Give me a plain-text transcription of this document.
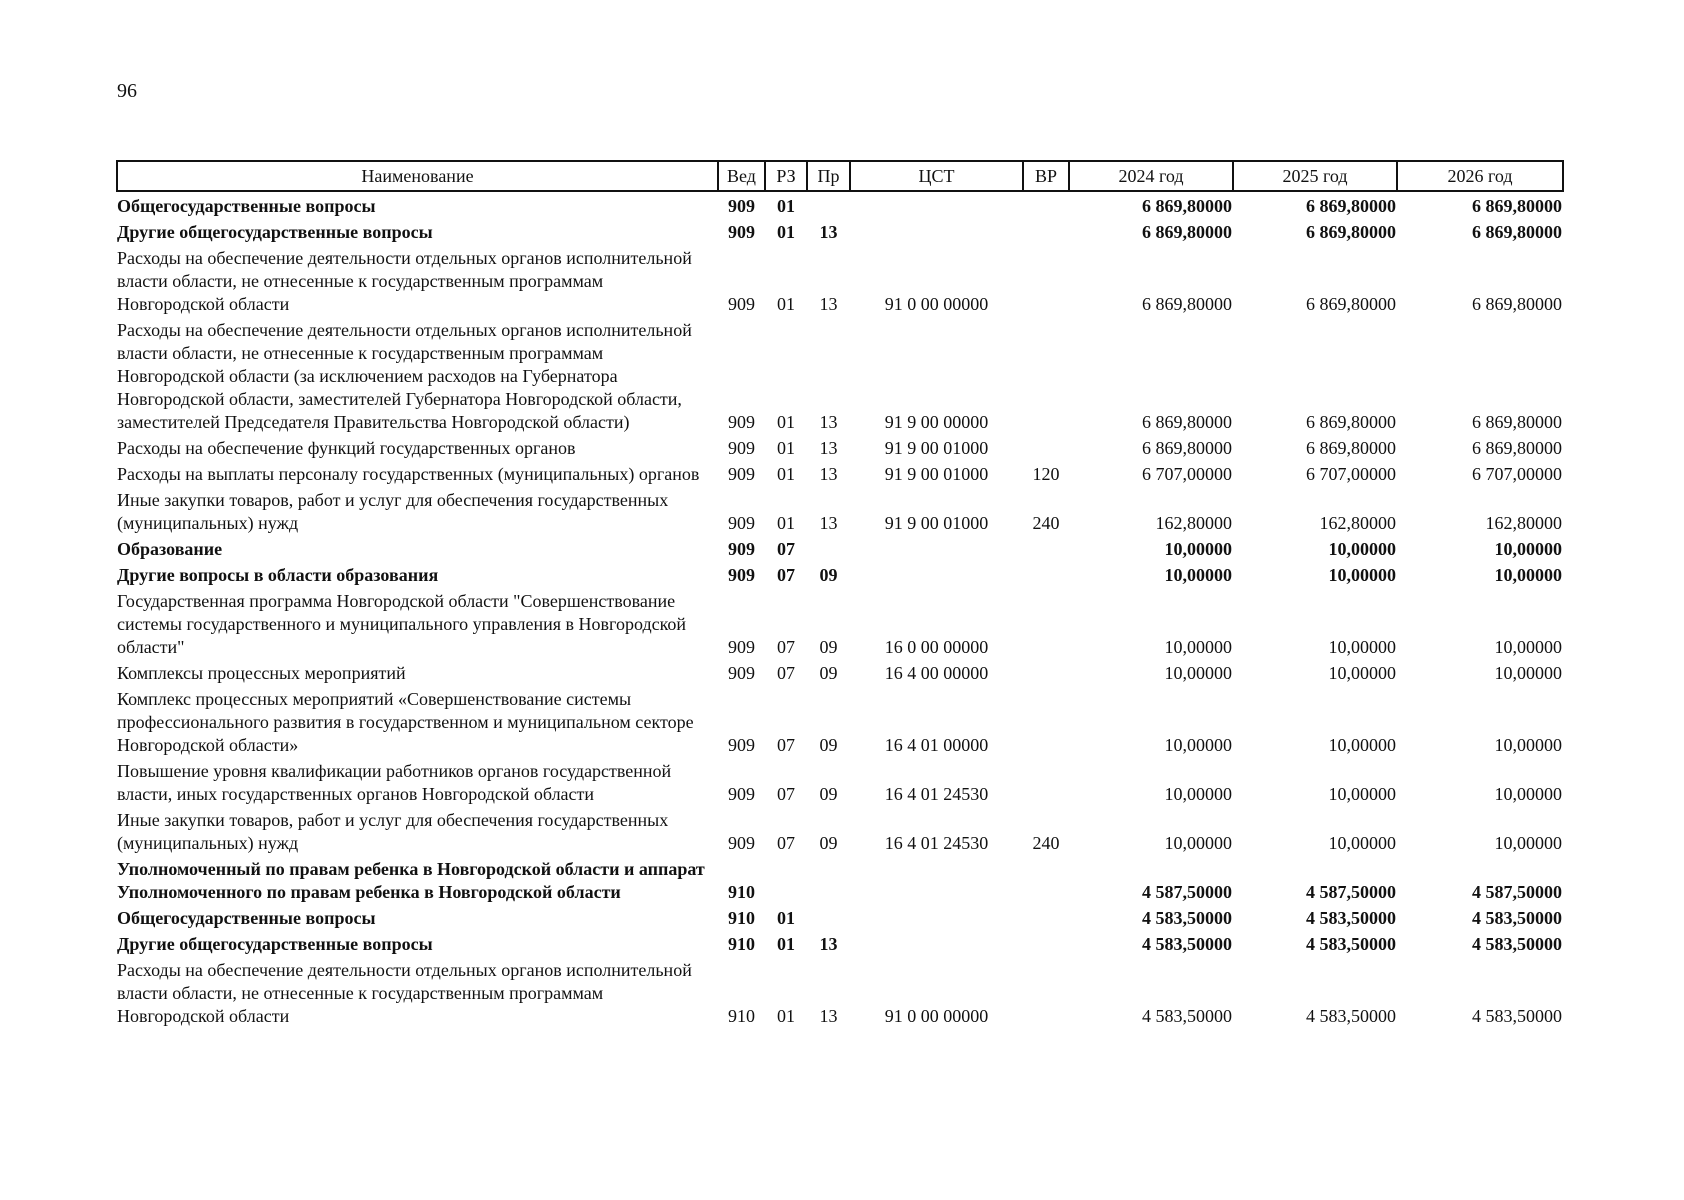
96
Наименование	Вед	РЗ	Пр	ЦСТ	ВР	2024 год	2025 год	2026 год
Общегосударственные вопросы	909	01				6 869,80000	6 869,80000	6 869,80000
Другие общегосударственные вопросы	909	01	13			6 869,80000	6 869,80000	6 869,80000
Расходы на обеспечение деятельности отдельных органов исполнительной власти области, не отнесенные к государственным программам Новгородской области	909	01	13	91 0 00 00000		6 869,80000	6 869,80000	6 869,80000
Расходы на обеспечение деятельности отдельных органов исполнительной власти области, не отнесенные к государственным программам Новгородской области (за исключением расходов на Губернатора Новгородской области, заместителей Губернатора Новгородской области, заместителей Председателя Правительства Новгородской области)	909	01	13	91 9 00 00000		6 869,80000	6 869,80000	6 869,80000
Расходы на обеспечение функций государственных органов	909	01	13	91 9 00 01000		6 869,80000	6 869,80000	6 869,80000
Расходы на выплаты персоналу государственных (муниципальных) органов	909	01	13	91 9 00 01000	120	6 707,00000	6 707,00000	6 707,00000
Иные закупки товаров, работ и услуг для обеспечения государственных (муниципальных) нужд	909	01	13	91 9 00 01000	240	162,80000	162,80000	162,80000
Образование	909	07				10,00000	10,00000	10,00000
Другие вопросы в области образования	909	07	09			10,00000	10,00000	10,00000
Государственная программа Новгородской области "Совершенствование системы государственного и муниципального управления в Новгородской области"	909	07	09	16 0 00 00000		10,00000	10,00000	10,00000
Комплексы процессных мероприятий	909	07	09	16 4 00 00000		10,00000	10,00000	10,00000
Комплекс процессных мероприятий «Совершенствование системы профессионального развития в государственном и муниципальном секторе Новгородской области»	909	07	09	16 4 01 00000		10,00000	10,00000	10,00000
Повышение уровня квалификации работников органов государственной власти, иных государственных органов Новгородской области	909	07	09	16 4 01 24530		10,00000	10,00000	10,00000
Иные закупки товаров, работ и услуг для обеспечения государственных (муниципальных) нужд	909	07	09	16 4 01 24530	240	10,00000	10,00000	10,00000
Уполномоченный по правам ребенка в Новгородской области и аппарат Уполномоченного по правам ребенка в Новгородской области	910					4 587,50000	4 587,50000	4 587,50000
Общегосударственные вопросы	910	01				4 583,50000	4 583,50000	4 583,50000
Другие общегосударственные вопросы	910	01	13			4 583,50000	4 583,50000	4 583,50000
Расходы на обеспечение деятельности отдельных органов исполнительной власти области, не отнесенные к государственным программам Новгородской области	910	01	13	91 0 00 00000		4 583,50000	4 583,50000	4 583,50000
